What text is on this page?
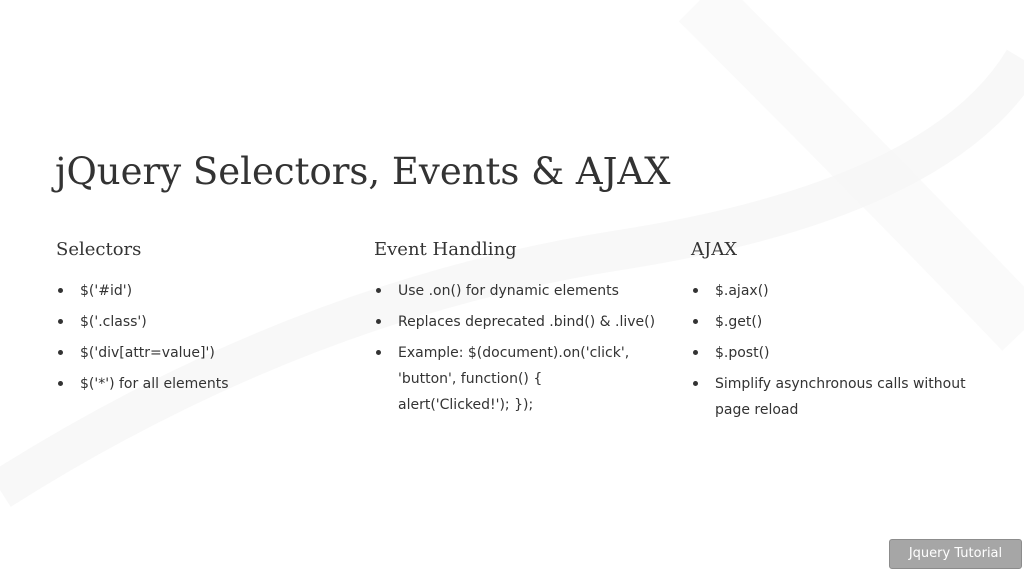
jQuery Selectors, Events & AJAX
Selectors
$('#id')
$('.class')
$('div[attr=value]')
$('*') for all elements
Event Handling
Use .on() for dynamic elements
Replaces deprecated .bind() & .live()
Example: $(document).on('click', 'button', function() { alert('Clicked!'); });
AJAX
$.ajax()
$.get()
$.post()
Simplify asynchronous calls without page reload
Jquery Tutorial
